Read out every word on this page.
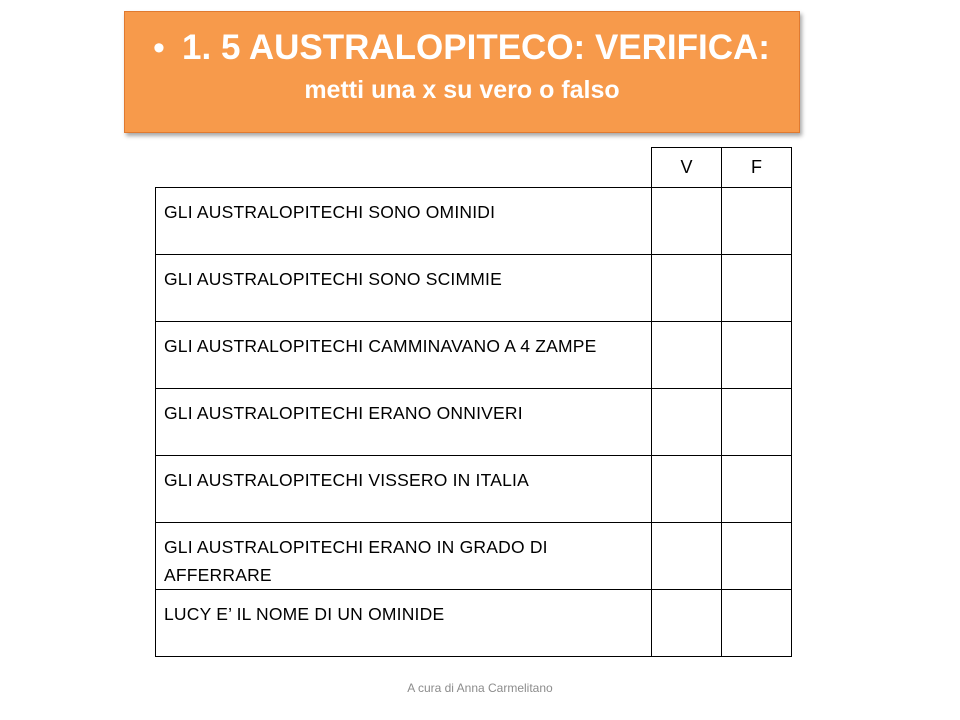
• 1. 5 AUSTRALOPITECO: VERIFICA:
metti una x su vero o falso
	V	F
GLI AUSTRALOPITECHI SONO OMINIDI		
GLI AUSTRALOPITECHI SONO SCIMMIE		
GLI AUSTRALOPITECHI CAMMINAVANO A 4 ZAMPE		
GLI AUSTRALOPITECHI ERANO ONNIVERI		
GLI AUSTRALOPITECHI VISSERO IN ITALIA		
GLI AUSTRALOPITECHI ERANO IN GRADO DI AFFERRARE		
LUCY E’ IL NOME DI UN OMINIDE		
A cura di Anna Carmelitano
